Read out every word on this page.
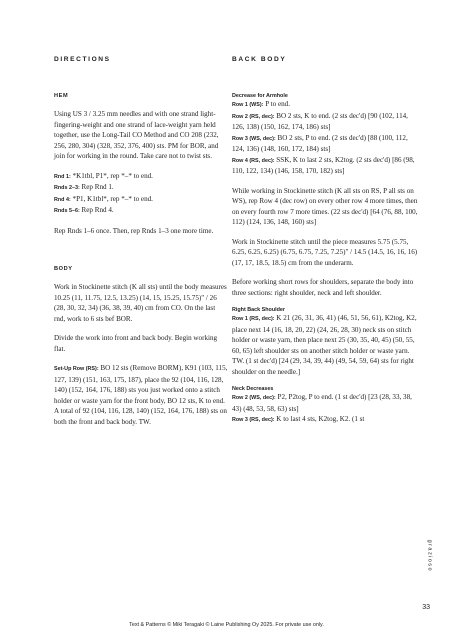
DIRECTIONS
HEM

Using US 3 / 3.25 mm needles and with one strand light-fingering-weight and one strand of lace-weight yarn held together, use the Long-Tail CO Method and CO 208 (232, 256, 280, 304) (328, 352, 376, 400) sts. PM for BOR, and join for working in the round. Take care not to twist sts.

Rnd 1: *K1tbl, P1*, rep *–* to end.
Rnds 2–3: Rep Rnd 1.
Rnd 4: *P1, K1tbl*, rep *–* to end.
Rnds 5–6: Rep Rnd 4.

Rep Rnds 1–6 once. Then, rep Rnds 1–3 one more time.

BODY

Work in Stockinette stitch (K all sts) until the body measures 10.25 (11, 11.75, 12.5, 13.25) (14, 15, 15.25, 15.75)" / 26 (28, 30, 32, 34) (36, 38, 39, 40) cm from CO. On the last rnd, work to 6 sts bef BOR.

Divide the work into front and back body. Begin working flat.

Set-Up Row (RS): BO 12 sts (Remove BORM), K91 (103, 115, 127, 139) (151, 163, 175, 187), place the 92 (104, 116, 128, 140) (152, 164, 176, 188) sts you just worked onto a stitch holder or waste yarn for the front body, BO 12 sts, K to end. A total of 92 (104, 116, 128, 140) (152, 164, 176, 188) sts on both the front and back body. TW.
BACK BODY
Decrease for Armhole
Row 1 (WS): P to end.
Row 2 (RS, dec): BO 2 sts, K to end. (2 sts dec'd) [90 (102, 114, 126, 138) (150, 162, 174, 186) sts]
Row 3 (WS, dec): BO 2 sts, P to end. (2 sts dec'd) [88 (100, 112, 124, 136) (148, 160, 172, 184) sts]
Row 4 (RS, dec): SSK, K to last 2 sts, K2tog. (2 sts dec'd) [86 (98, 110, 122, 134) (146, 158, 170, 182) sts]

While working in Stockinette stitch (K all sts on RS, P all sts on WS), rep Row 4 (dec row) on every other row 4 more times, then on every fourth row 7 more times. (22 sts dec'd) [64 (76, 88, 100, 112) (124, 136, 148, 160) sts]

Work in Stockinette stitch until the piece measures 5.75 (5.75, 6.25, 6.25, 6.25) (6.75, 6.75, 7.25, 7.25)" / 14.5 (14.5, 16, 16, 16) (17, 17, 18.5, 18.5) cm from the underarm.

Before working short rows for shoulders, separate the body into three sections: right shoulder, neck and left shoulder.

Right Back Shoulder
Row 1 (RS, dec): K 21 (26, 31, 36, 41) (46, 51, 56, 61), K2tog, K2, place next 14 (16, 18, 20, 22) (24, 26, 28, 30) neck sts on stitch holder or waste yarn, then place next 25 (30, 35, 40, 45) (50, 55, 60, 65) left shoulder sts on another stitch holder or waste yarn. TW. (1 st dec'd) [24 (29, 34, 39, 44) (49, 54, 59, 64) sts for right shoulder on the needle.]
Neck Decreases
Row 2 (WS, dec): P2, P2tog, P to end. (1 st dec'd) [23 (28, 33, 38, 43) (48, 53, 58, 63) sts]
Row 3 (RS, dec): K to last 4 sts, K2tog, K2. (1 st
grazioso
33
Text & Patterns © Miki Teragaki © Laine Publishing Oy 2025. For private use only.
